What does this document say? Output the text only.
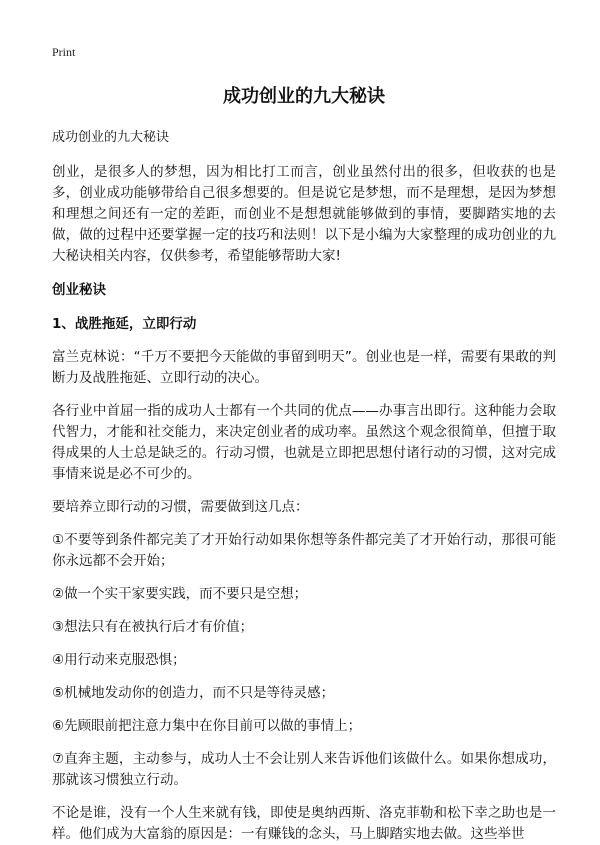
Print
成功创业的九大秘诀
成功创业的九大秘诀

创业，是很多人的梦想，因为相比打工而言，创业虽然付出的很多，但收获的也是多，创业成功能够带给自己很多想要的。但是说它是梦想，而不是理想，是因为梦想和理想之间还有一定的差距，而创业不是想想就能够做到的事情，要脚踏实地的去做，做的过程中还要掌握一定的技巧和法则！以下是小编为大家整理的成功创业的九大秘诀相关内容，仅供参考，希望能够帮助大家!

创业秘诀
1、战胜拖延，立即行动

富兰克林说：“千万不要把今天能做的事留到明天”。创业也是一样，需要有果敢的判断力及战胜拖延、立即行动的决心。

各行业中首屈一指的成功人士都有一个共同的优点——办事言出即行。这种能力会取代智力，才能和社交能力，来决定创业者的成功率。虽然这个观念很简单，但擅于取得成果的人士总是缺乏的。行动习惯，也就是立即把思想付诸行动的习惯，这对完成事情来说是必不可少的。

要培养立即行动的习惯，需要做到这几点：

①不要等到条件都完美了才开始行动如果你想等条件都完美了才开始行动，那很可能你永远都不会开始；

②做一个实干家要实践，而不要只是空想；

③想法只有在被执行后才有价值；

④用行动来克服恐惧；

⑤机械地发动你的创造力，而不只是等待灵感；

⑥先顾眼前把注意力集中在你目前可以做的事情上；

⑦直奔主题，主动参与，成功人士不会让别人来告诉他们该做什么。如果你想成功，那就该习惯独立行动。

不论是谁，没有一个人生来就有钱，即使是奥纳西斯、洛克菲勒和松下幸之助也是一样。他们成为大富翁的原因是：一有赚钱的念头，马上脚踏实地去做。这些举世
